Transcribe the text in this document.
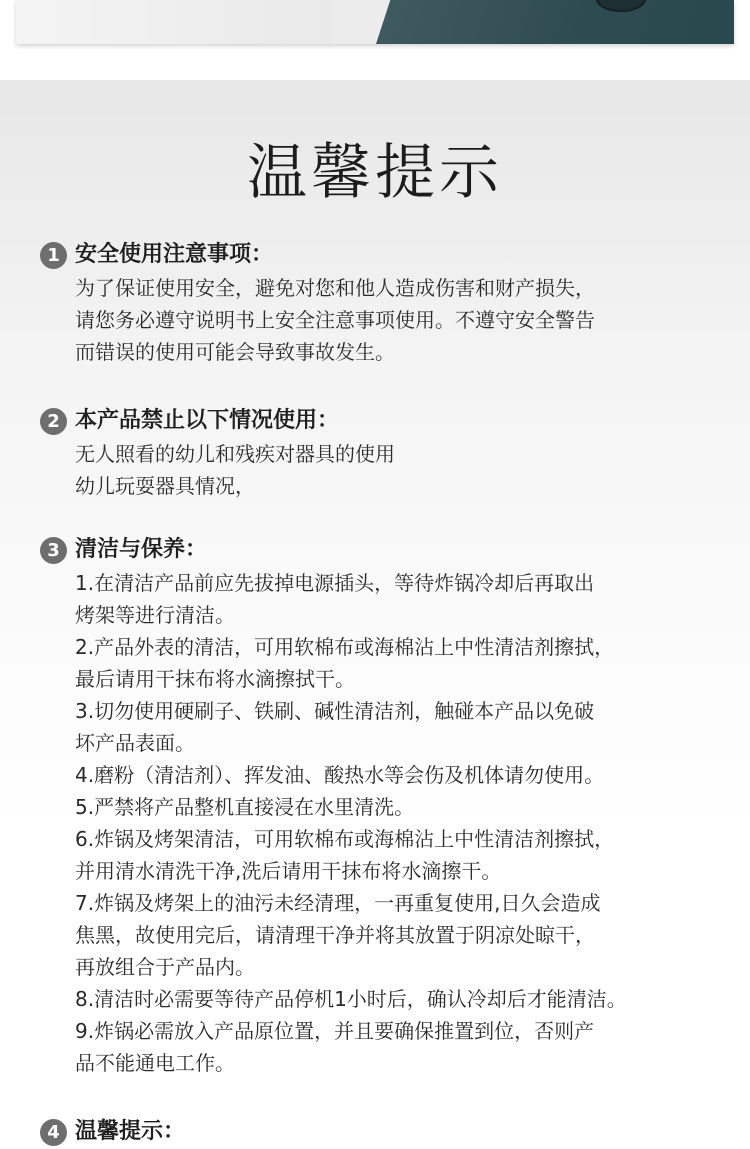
温馨提示
1 安全使用注意事项：
为了保证使用安全，避免对您和他人造成伤害和财产损失，
请您务必遵守说明书上安全注意事项使用。不遵守安全警告
而错误的使用可能会导致事故发生。
2 本产品禁止以下情况使用：
无人照看的幼儿和残疾对器具的使用
幼儿玩耍器具情况，
3 清洁与保养：
1.在清洁产品前应先拔掉电源插头，等待炸锅冷却后再取出
烤架等进行清洁。
2.产品外表的清洁，可用软棉布或海棉沾上中性清洁剂擦拭，
最后请用干抹布将水滴擦拭干。
3.切勿使用硬刷子、铁刷、碱性清洁剂，触碰本产品以免破
坏产品表面。
4.磨粉（清洁剂）、挥发油、酸热水等会伤及机体请勿使用。
5.严禁将产品整机直接浸在水里清洗。
6.炸锅及烤架清洁，可用软棉布或海棉沾上中性清洁剂擦拭，
并用清水清洗干净,洗后请用干抹布将水滴擦干。
7.炸锅及烤架上的油污未经清理，一再重复使用,日久会造成
焦黑，故使用完后，请清理干净并将其放置于阴凉处晾干，
再放组合于产品内。
8.清洁时必需要等待产品停机1小时后，确认冷却后才能清洁。
9.炸锅必需放入产品原位置，并且要确保推置到位，否则产
品不能通电工作。
4 温馨提示：
